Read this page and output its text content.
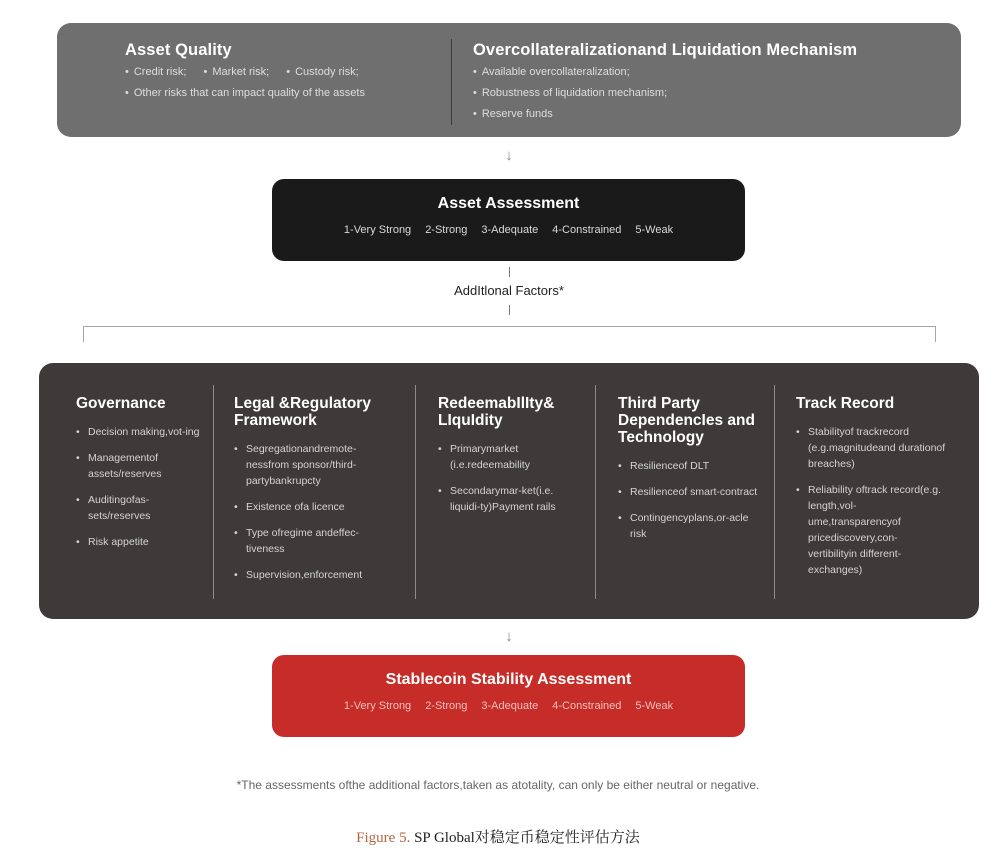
Asset Quality
• Credit risk; • Market risk; • Custody risk;
• Other risks that can impact quality of the assets
Overcollateralizationand Liquidation Mechanism
• Available overcollateralization;
• Robustness of liquidation mechanism;
• Reserve funds
↓
Asset Assessment
1-Very Strong 2-Strong 3-Adequate 4-Constrained 5-Weak
AddItlonal Factors*
Governance
• Decision making,vot-ing
• Managementof assets/reserves
• Auditingofas-sets/reserves
• Risk appetite
Legal &Regulatory Framework
• Segregationandremote-nessfrom sponsor/third-partybankrupcty
• Existence ofa licence
• Type ofregime andeffec-tiveness
• Supervision,enforcement
RedeemabIlIty& LIquIdity
• Primarymarket (i.e.redeemability
• Secondarymar-ket(i.e. liquidi-ty)Payment rails
Third Party DependencIes and Technology
• Resilienceof DLT
• Resilienceof smart-contract
• Contingencyplans,or-acle risk
Track Record
• Stabilityof trackrecord (e.g.magnitudeand durationof breaches)
• Reliability oftrack record(e.g. length,vol-ume,transparencyof pricediscovery,con-vertibilityin different-exchanges)
↓
Stablecoin Stability Assessment
1-Very Strong 2-Strong 3-Adequate 4-Constrained 5-Weak
*The assessments ofthe additional factors,taken as atotality, can only be either neutral or negative.
Figure 5. SP Global对稳定币稳定性评估方法
